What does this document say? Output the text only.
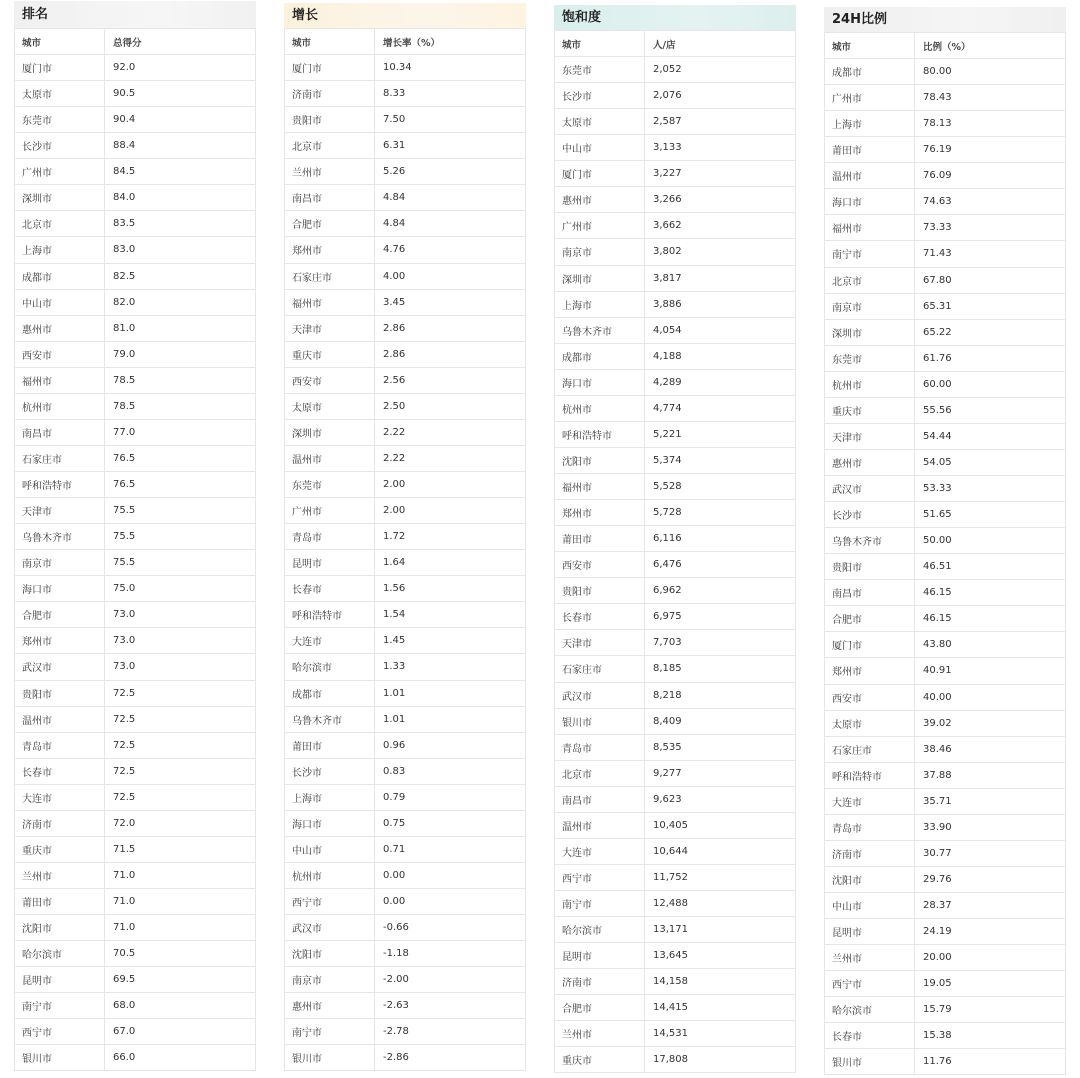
排名
城市	总得分
厦门市	92.0
太原市	90.5
东莞市	90.4
长沙市	88.4
广州市	84.5
深圳市	84.0
北京市	83.5
上海市	83.0
成都市	82.5
中山市	82.0
惠州市	81.0
西安市	79.0
福州市	78.5
杭州市	78.5
南昌市	77.0
石家庄市	76.5
呼和浩特市	76.5
天津市	75.5
乌鲁木齐市	75.5
南京市	75.5
海口市	75.0
合肥市	73.0
郑州市	73.0
武汉市	73.0
贵阳市	72.5
温州市	72.5
青岛市	72.5
长春市	72.5
大连市	72.5
济南市	72.0
重庆市	71.5
兰州市	71.0
莆田市	71.0
沈阳市	71.0
哈尔滨市	70.5
昆明市	69.5
南宁市	68.0
西宁市	67.0
银川市	66.0
增长
城市	增长率（%）
厦门市	10.34
济南市	8.33
贵阳市	7.50
北京市	6.31
兰州市	5.26
南昌市	4.84
合肥市	4.84
郑州市	4.76
石家庄市	4.00
福州市	3.45
天津市	2.86
重庆市	2.86
西安市	2.56
太原市	2.50
深圳市	2.22
温州市	2.22
东莞市	2.00
广州市	2.00
青岛市	1.72
昆明市	1.64
长春市	1.56
呼和浩特市	1.54
大连市	1.45
哈尔滨市	1.33
成都市	1.01
乌鲁木齐市	1.01
莆田市	0.96
长沙市	0.83
上海市	0.79
海口市	0.75
中山市	0.71
杭州市	0.00
西宁市	0.00
武汉市	-0.66
沈阳市	-1.18
南京市	-2.00
惠州市	-2.63
南宁市	-2.78
银川市	-2.86
饱和度
城市	人/店
东莞市	2,052
长沙市	2,076
太原市	2,587
中山市	3,133
厦门市	3,227
惠州市	3,266
广州市	3,662
南京市	3,802
深圳市	3,817
上海市	3,886
乌鲁木齐市	4,054
成都市	4,188
海口市	4,289
杭州市	4,774
呼和浩特市	5,221
沈阳市	5,374
福州市	5,528
郑州市	5,728
莆田市	6,116
西安市	6,476
贵阳市	6,962
长春市	6,975
天津市	7,703
石家庄市	8,185
武汉市	8,218
银川市	8,409
青岛市	8,535
北京市	9,277
南昌市	9,623
温州市	10,405
大连市	10,644
西宁市	11,752
南宁市	12,488
哈尔滨市	13,171
昆明市	13,645
济南市	14,158
合肥市	14,415
兰州市	14,531
重庆市	17,808
24H比例
城市	比例（%）
成都市	80.00
广州市	78.43
上海市	78.13
莆田市	76.19
温州市	76.09
海口市	74.63
福州市	73.33
南宁市	71.43
北京市	67.80
南京市	65.31
深圳市	65.22
东莞市	61.76
杭州市	60.00
重庆市	55.56
天津市	54.44
惠州市	54.05
武汉市	53.33
长沙市	51.65
乌鲁木齐市	50.00
贵阳市	46.51
南昌市	46.15
合肥市	46.15
厦门市	43.80
郑州市	40.91
西安市	40.00
太原市	39.02
石家庄市	38.46
呼和浩特市	37.88
大连市	35.71
青岛市	33.90
济南市	30.77
沈阳市	29.76
中山市	28.37
昆明市	24.19
兰州市	20.00
西宁市	19.05
哈尔滨市	15.79
长春市	15.38
银川市	11.76
